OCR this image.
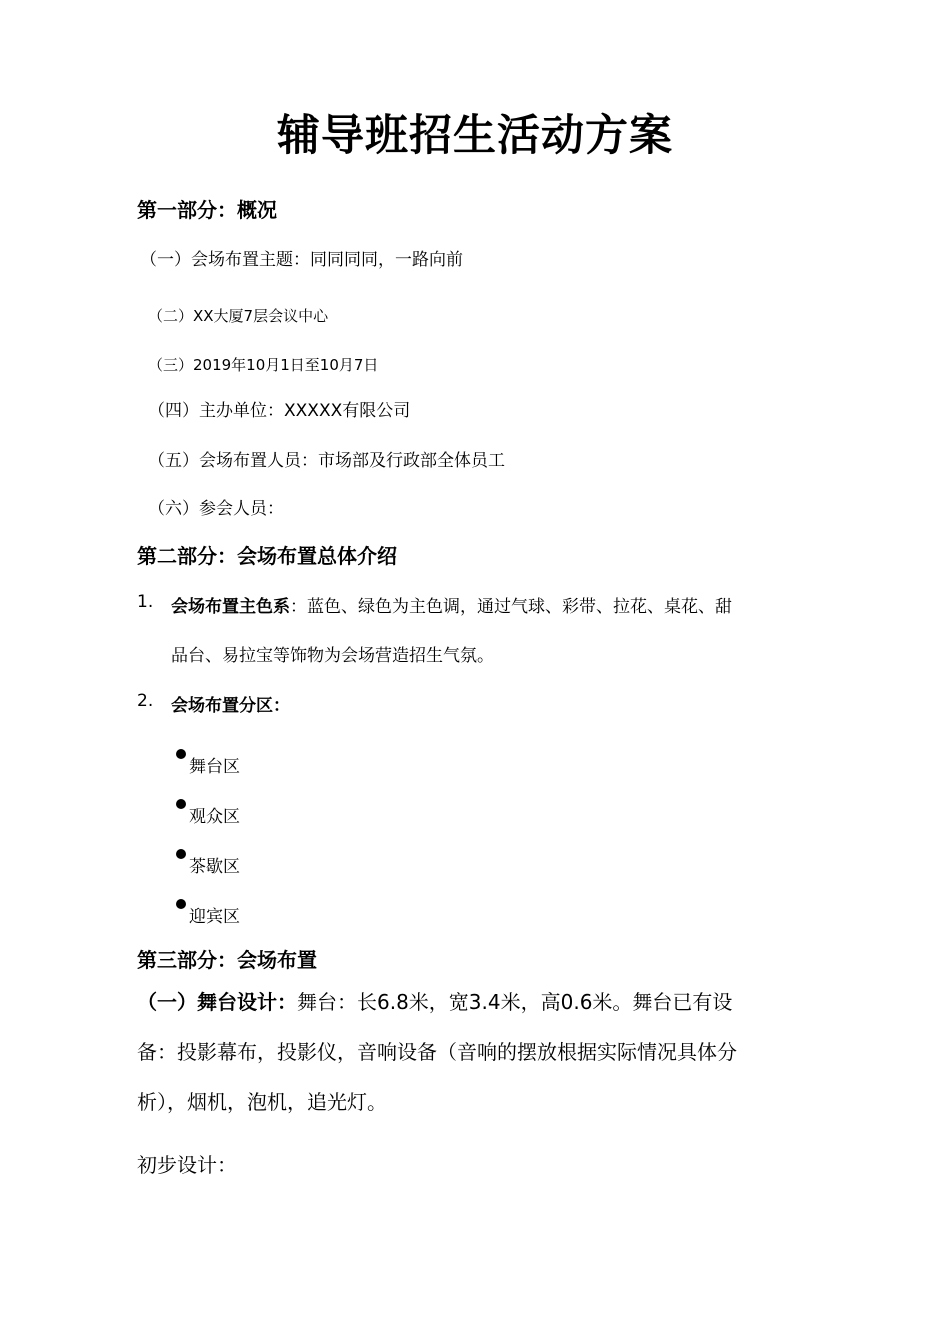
辅导班招生活动方案
第一部分：概况
（一）会场布置主题：同同同同，一路向前
（二）XX大厦7层会议中心
（三）2019年10月1日至10月7日
（四）主办单位：XXXXX有限公司
（五）会场布置人员：市场部及行政部全体员工
（六）参会人员：
第二部分：会场布置总体介绍
1. 会场布置主色系：蓝色、绿色为主色调，通过气球、彩带、拉花、桌花、甜
品台、易拉宝等饰物为会场营造招生气氛。
2. 会场布置分区：
舞台区
观众区
茶歇区
迎宾区
第三部分：会场布置
（一）舞台设计：舞台：长6.8米，宽3.4米，高0.6米。舞台已有设
备：投影幕布，投影仪，音响设备（音响的摆放根据实际情况具体分
析），烟机，泡机，追光灯。
初步设计：
